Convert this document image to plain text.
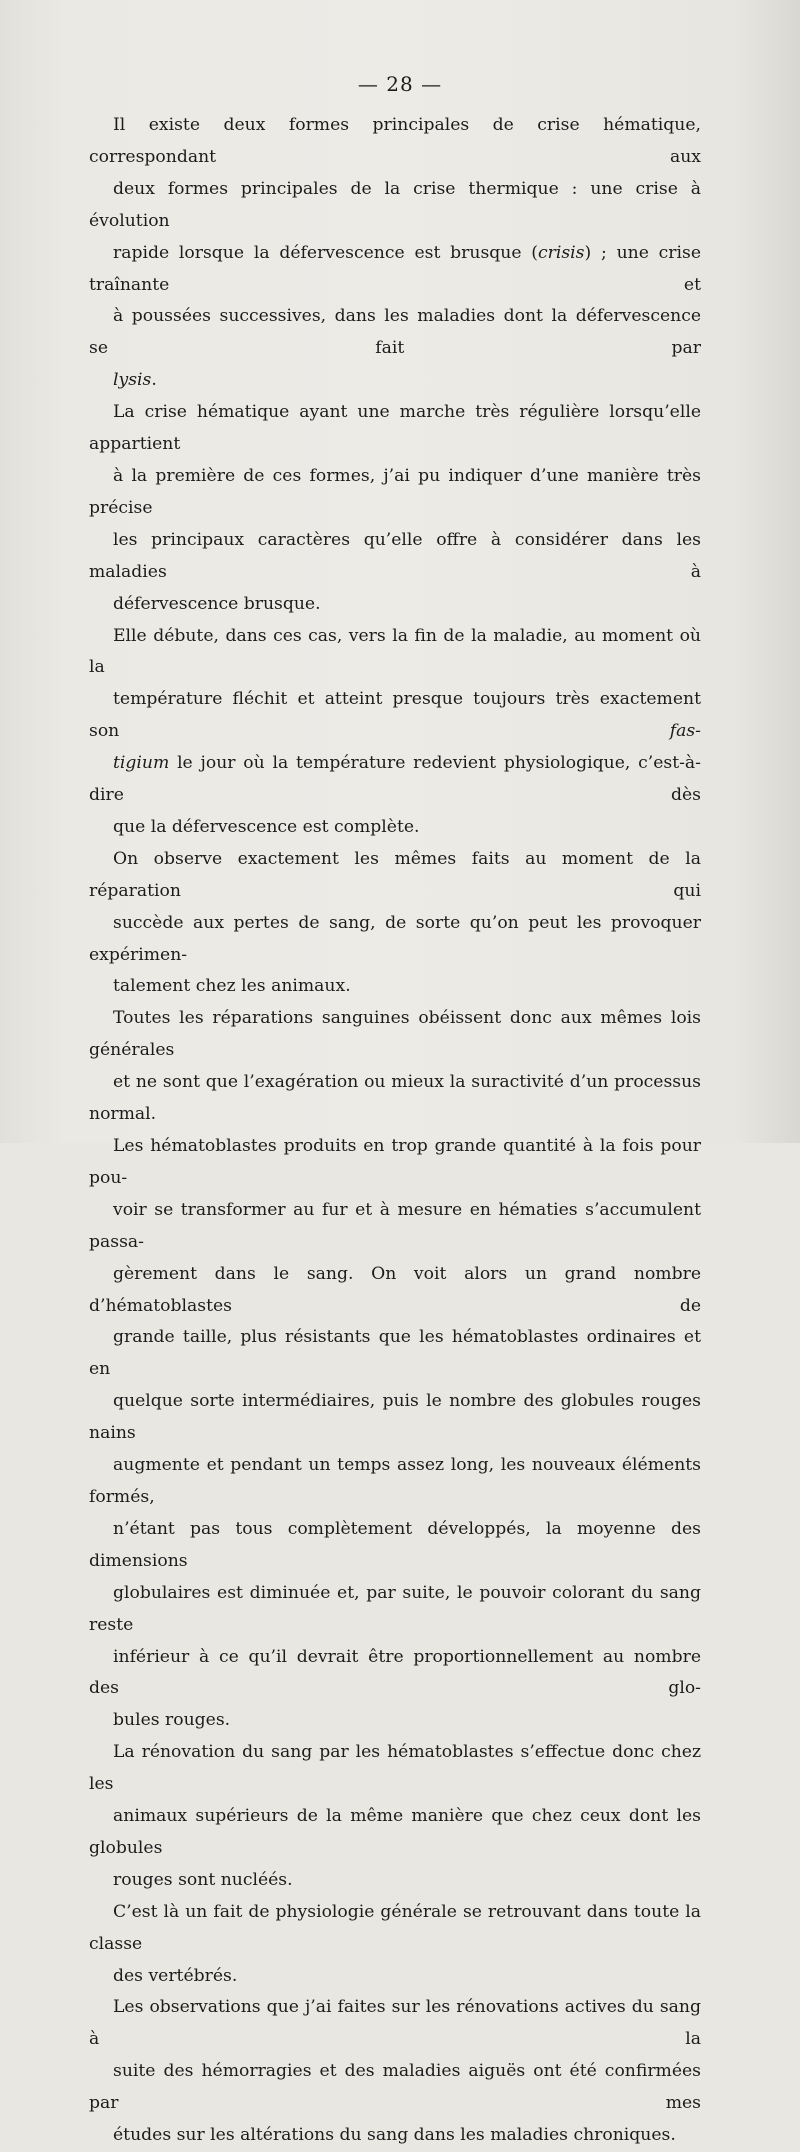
— 28 —

Il existe deux formes principales de crise hématique, correspondant aux
deux formes principales de la crise thermique : une crise à évolution
rapide lorsque la défervescence est brusque (crisis) ; une crise traînante et
à poussées successives, dans les maladies dont la défervescence se fait par
lysis.

La crise hématique ayant une marche très régulière lorsqu’elle appartient
à la première de ces formes, j’ai pu indiquer d’une manière très précise
les principaux caractères qu’elle offre à considérer dans les maladies à
défervescence brusque.

Elle débute, dans ces cas, vers la fin de la maladie, au moment où la
température fléchit et atteint presque toujours très exactement son fas-
tigium le jour où la température redevient physiologique, c’est-à-dire dès
que la défervescence est complète.

On observe exactement les mêmes faits au moment de la réparation qui
succède aux pertes de sang, de sorte qu’on peut les provoquer expérimen-
talement chez les animaux.

Toutes les réparations sanguines obéissent donc aux mêmes lois générales
et ne sont que l’exagération ou mieux la suractivité d’un processus normal.

Les hématoblastes produits en trop grande quantité à la fois pour pou-
voir se transformer au fur et à mesure en hématies s’accumulent passa-
gèrement dans le sang. On voit alors un grand nombre d’hématoblastes de
grande taille, plus résistants que les hématoblastes ordinaires et en
quelque sorte intermédiaires, puis le nombre des globules rouges nains
augmente et pendant un temps assez long, les nouveaux éléments formés,
n’étant pas tous complètement développés, la moyenne des dimensions
globulaires est diminuée et, par suite, le pouvoir colorant du sang reste
inférieur à ce qu’il devrait être proportionnellement au nombre des glo-
bules rouges.

La rénovation du sang par les hématoblastes s’effectue donc chez les
animaux supérieurs de la même manière que chez ceux dont les globules
rouges sont nucléés.

C’est là un fait de physiologie générale se retrouvant dans toute la classe
des vertébrés.

Les observations que j’ai faites sur les rénovations actives du sang à la
suite des hémorragies et des maladies aiguës ont été confirmées par mes
études sur les altérations du sang dans les maladies chroniques.
